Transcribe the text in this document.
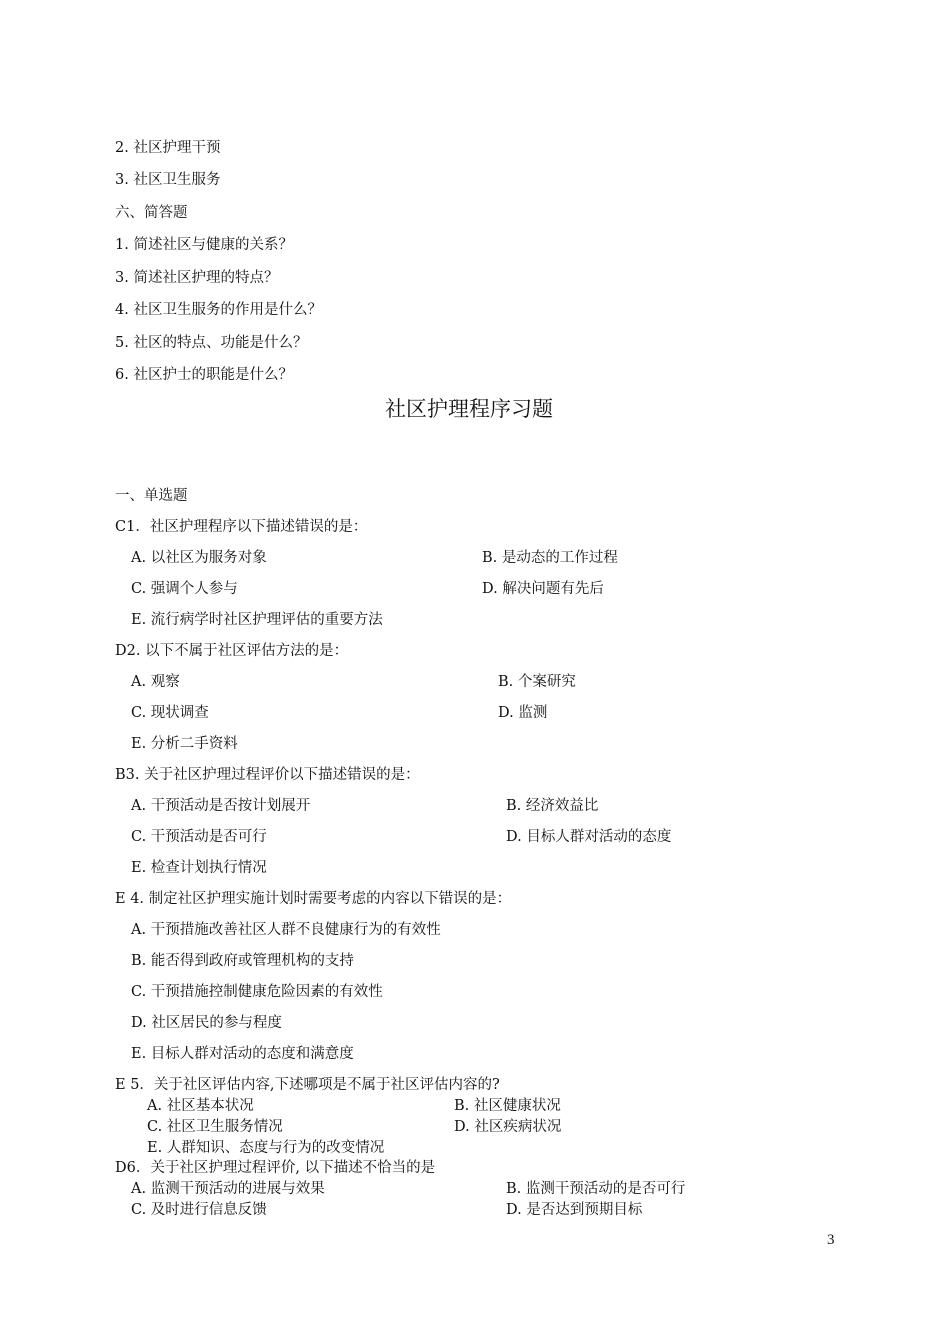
2. 社区护理干预
3. 社区卫生服务
六、简答题
1. 简述社区与健康的关系？
3. 简述社区护理的特点？
4. 社区卫生服务的作用是什么？
5. 社区的特点、功能是什么？
6. 社区护士的职能是什么？
社区护理程序习题
一、单选题
C1．社区护理程序以下描述错误的是：
A. 以社区为服务对象	B. 是动态的工作过程
C. 强调个人参与	D. 解决问题有先后
E. 流行病学时社区护理评估的重要方法
D2. 以下不属于社区评估方法的是：
A. 观察	B. 个案研究
C. 现状调查	D. 监测
E. 分析二手资料
B3. 关于社区护理过程评价以下描述错误的是：
A. 干预活动是否按计划展开	B. 经济效益比
C. 干预活动是否可行	D. 目标人群对活动的态度
E. 检查计划执行情况
E 4. 制定社区护理实施计划时需要考虑的内容以下错误的是：
A. 干预措施改善社区人群不良健康行为的有效性
B. 能否得到政府或管理机构的支持
C. 干预措施控制健康危险因素的有效性
D. 社区居民的参与程度
E. 目标人群对活动的态度和满意度
E 5．关于社区评估内容,下述哪项是不属于社区评估内容的?
A. 社区基本状况	B. 社区健康状况
C. 社区卫生服务情况	D. 社区疾病状况
E. 人群知识、态度与行为的改变情况
D6．关于社区护理过程评价, 以下描述不恰当的是
A. 监测干预活动的进展与效果	B. 监测干预活动的是否可行
C. 及时进行信息反馈	D. 是否达到预期目标
3
